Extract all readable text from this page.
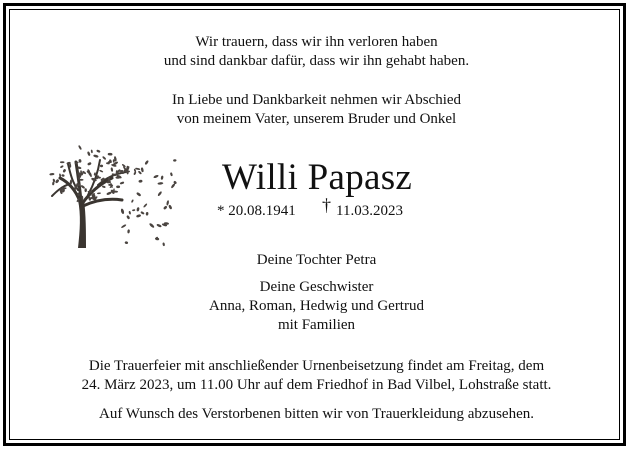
Wir trauern, dass wir ihn verloren haben
und sind dankbar dafür, dass wir ihn gehabt haben.
In Liebe und Dankbarkeit nehmen wir Abschied
von meinem Vater, unserem Bruder und Onkel
Willi Papasz
* 20.08.1941 † 11.03.2023
Deine Tochter Petra
Deine Geschwister
Anna, Roman, Hedwig und Gertrud
mit Familien
Die Trauerfeier mit anschließender Urnenbeisetzung findet am Freitag, dem
24. März 2023, um 11.00 Uhr auf dem Friedhof in Bad Vilbel, Lohstraße statt.
Auf Wunsch des Verstorbenen bitten wir von Trauerkleidung abzusehen.
